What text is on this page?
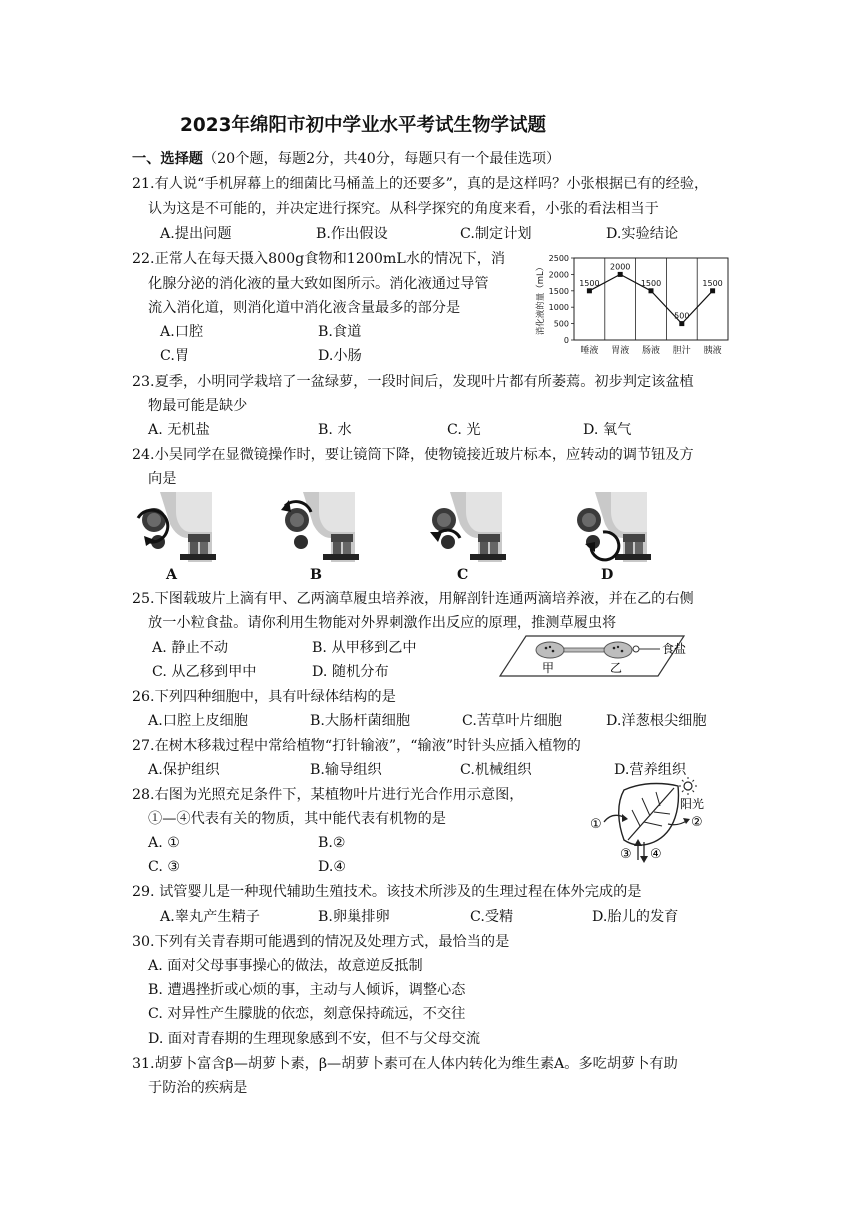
2023年绵阳市初中学业水平考试生物学试题
一、选择题（20个题，每题2分，共40分，每题只有一个最佳选项）
21.有人说“手机屏幕上的细菌比马桶盖上的还要多”，真的是这样吗？小张根据已有的经验，
认为这是不可能的，并决定进行探究。从科学探究的角度来看，小张的看法相当于
A.提出问题	B.作出假设	C.制定计划	D.实验结论
22.正常人在每天摄入800g食物和1200mL水的情况下，消
化腺分泌的消化液的量大致如图所示。消化液通过导管
流入消化道，则消化道中消化液含量最多的部分是
A.口腔	B.食道
C.胃	D.小肠
0
500
1000
1500
2000
2500
消化液的量（mL）
唾液 胃液 肠液 胆汁 胰液
1500
2000
1500
500
1500
23.夏季，小明同学栽培了一盆绿萝，一段时间后，发现叶片都有所萎蔫。初步判定该盆植
物最可能是缺少
A. 无机盐	B. 水	C. 光	D. 氧气
24.小吴同学在显微镜操作时，要让镜筒下降，使物镜接近玻片标本，应转动的调节钮及方
向是
A	B	C	D
25.下图载玻片上滴有甲、乙两滴草履虫培养液，用解剖针连通两滴培养液，并在乙的右侧
放一小粒食盐。请你利用生物能对外界刺激作出反应的原理，推测草履虫将
A. 静止不动	B. 从甲移到乙中
C. 从乙移到甲中	D. 随机分布
食盐
甲	乙
26.下列四种细胞中，具有叶绿体结构的是
A.口腔上皮细胞	B.大肠杆菌细胞	C.苦草叶片细胞	D.洋葱根尖细胞
27.在树木移栽过程中常给植物“打针输液”，“输液”时针头应插入植物的
A.保护组织	B.输导组织	C.机械组织	D.营养组织
28.右图为光照充足条件下，某植物叶片进行光合作用示意图，
①—④代表有关的物质，其中能代表有机物的是
A. ①	B.②
C. ③	D.④
阳光
①	②
③ ④
29. 试管婴儿是一种现代辅助生殖技术。该技术所涉及的生理过程在体外完成的是
A.睾丸产生精子	B.卵巢排卵	C.受精	D.胎儿的发育
30.下列有关青春期可能遇到的情况及处理方式，最恰当的是
A. 面对父母事事操心的做法，故意逆反抵制
B. 遭遇挫折或心烦的事，主动与人倾诉，调整心态
C. 对异性产生朦胧的依恋，刻意保持疏远，不交往
D. 面对青春期的生理现象感到不安，但不与父母交流
31.胡萝卜富含β—胡萝卜素，β—胡萝卜素可在人体内转化为维生素A。多吃胡萝卜有助
于防治的疾病是
